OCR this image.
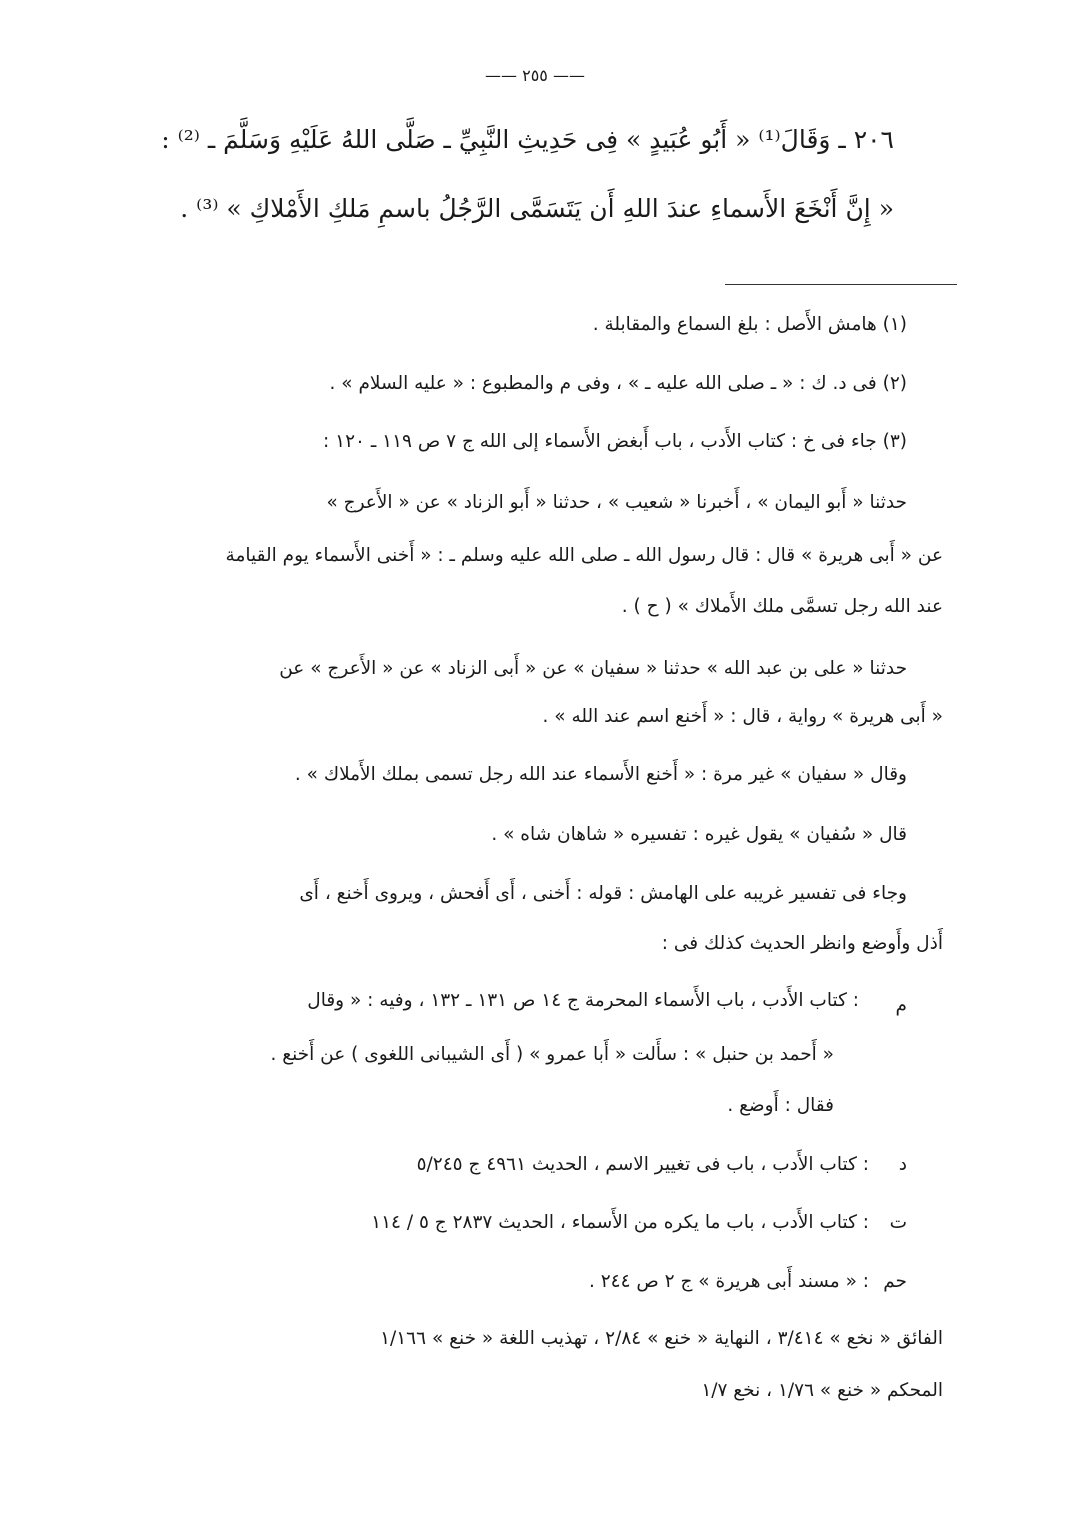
—— ٢٥٥ ——
٢٠٦ ـ وَقَالَ⁽¹⁾ « أَبُو عُبَيدٍ » فِى حَدِيثِ النَّبِيِّ ـ صَلَّى اللهُ عَلَيْهِ وَسَلَّمَ ـ ⁽²⁾ :
« إِنَّ أَنْخَعَ الأَسماءِ عندَ اللهِ أَن يَتَسَمَّى الرَّجُلُ باسمِ مَلكِ الأَمْلاكِ » ⁽³⁾ .
(١) هامش الأَصل : بلغ السماع والمقابلة .
(٢) فى د. ك : « ـ صلى الله عليه ـ » ، وفى م والمطبوع : « عليه السلام » .
(٣) جاء فى خ : كتاب الأَدب ، باب أَبغض الأَسماء إلى الله ج ٧ ص ١١٩ ـ ١٢٠ :
حدثنا « أَبو اليمان » ، أَخبرنا « شعيب » ، حدثنا « أَبو الزناد » عن « الأَعرج »
عن « أَبى هريرة » قال : قال رسول الله ـ صلى الله عليه وسلم ـ : « أَخنى الأَسماء يوم القيامة
عند الله رجل تسمَّى ملك الأَملاك » ( ح ) .
حدثنا « على بن عبد الله » حدثنا « سفيان » عن « أَبى الزناد » عن « الأَعرج » عن
« أَبى هريرة » رواية ، قال : « أَخنع اسم عند الله » .
وقال « سفيان » غير مرة : « أَخنع الأَسماء عند الله رجل تسمى بملك الأَملاك » .
قال « سُفيان » يقول غيره : تفسيره « شاهان شاه » .
وجاء فى تفسير غريبه على الهامش : قوله : أَخنى ، أَى أَفحش ، ويروى أَخنع ، أَى
أَذل وأَوضع وانظر الحديث كذلك فى :
م
: كتاب الأَدب ، باب الأَسماء المحرمة ج ١٤ ص ١٣١ ـ ١٣٢ ، وفيه : « وقال
« أَحمد بن حنبل » : سأَلت « أَبا عمرو » ( أَى الشيبانى اللغوى ) عن أَخنع .
فقال : أَوضع .
د
: كتاب الأَدب ، باب فى تغيير الاسم ، الحديث ٤٩٦١ ج ٥/٢٤٥
ت
: كتاب الأَدب ، باب ما يكره من الأَسماء ، الحديث ٢٨٣٧ ج ٥ / ١١٤
حم
: « مسند أَبى هريرة » ج ٢ ص ٢٤٤ .
الفائق « نخع » ٣/٤١٤ ، النهاية « خنع » ٢/٨٤ ، تهذيب اللغة « خنع » ١/١٦٦
المحكم « خنع » ١/٧٦ ، نخع ١/٧
